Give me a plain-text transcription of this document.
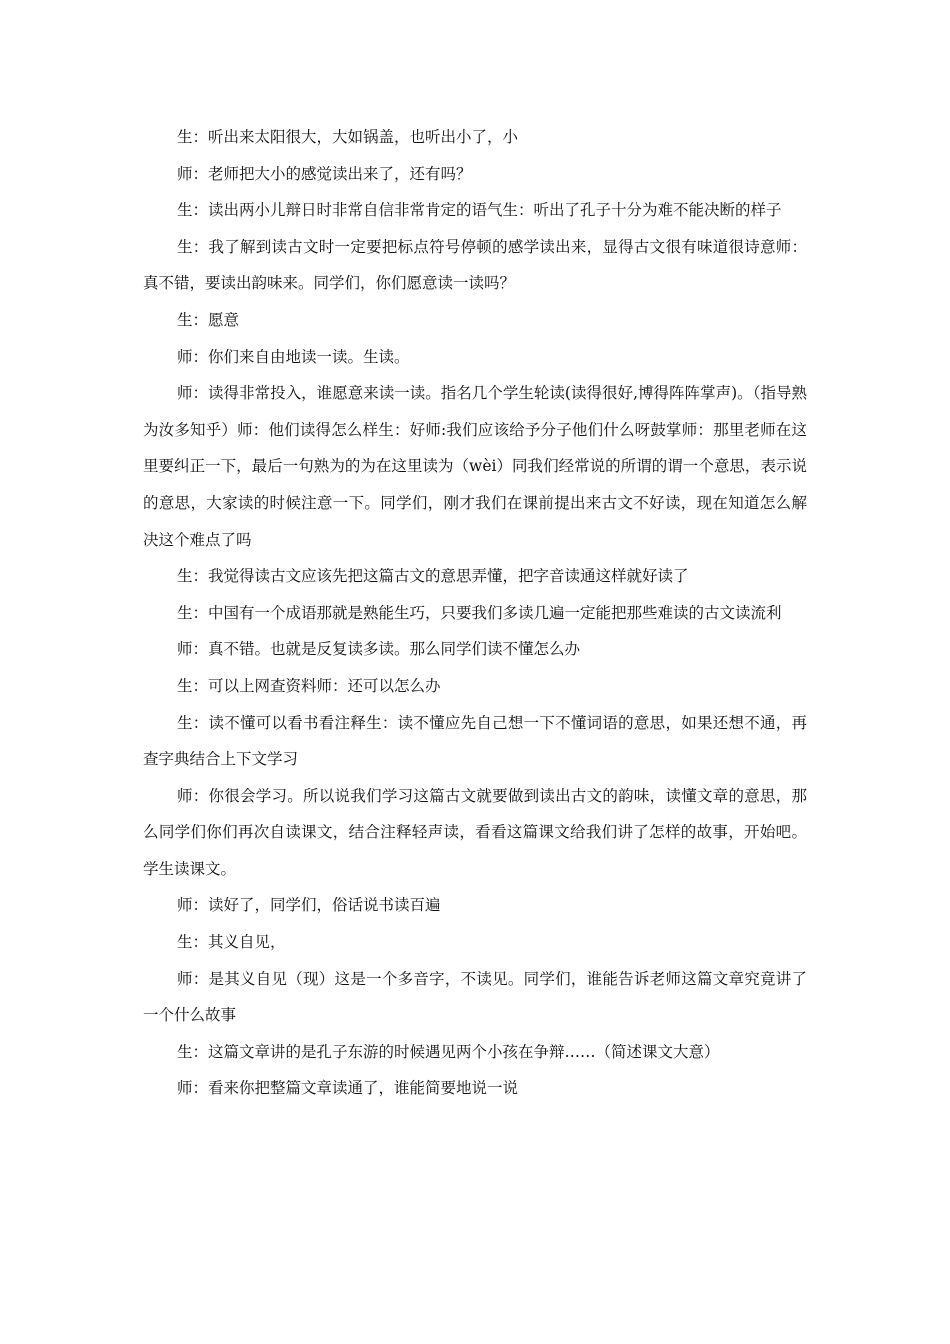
生：听出来太阳很大，大如锅盖，也听出小了，小

师：老师把大小的感觉读出来了，还有吗？

生：读出两小儿辩日时非常自信非常肯定的语气生：听出了孔子十分为难不能决断的样子

生：我了解到读古文时一定要把标点符号停顿的感学读出来，显得古文很有味道很诗意师：真不错，要读出韵味来。同学们，你们愿意读一读吗？

生：愿意

师：你们来自由地读一读。生读。

师：读得非常投入，谁愿意来读一读。指名几个学生轮读(读得很好,博得阵阵掌声)。（指导熟为汝多知乎）师：他们读得怎么样生：好师:我们应该给予分子他们什么呀鼓掌师：那里老师在这里要纠正一下，最后一句熟为的为在这里读为（wèi）同我们经常说的所谓的谓一个意思，表示说的意思，大家读的时候注意一下。同学们，刚才我们在课前提出来古文不好读，现在知道怎么解决这个难点了吗

生：我觉得读古文应该先把这篇古文的意思弄懂，把字音读通这样就好读了

生：中国有一个成语那就是熟能生巧，只要我们多读几遍一定能把那些难读的古文读流利

师：真不错。也就是反复读多读。那么同学们读不懂怎么办

生：可以上网查资料师：还可以怎么办

生：读不懂可以看书看注释生：读不懂应先自己想一下不懂词语的意思，如果还想不通，再查字典结合上下文学习

师：你很会学习。所以说我们学习这篇古文就要做到读出古文的韵味，读懂文章的意思，那么同学们你们再次自读课文，结合注释轻声读，看看这篇课文给我们讲了怎样的故事，开始吧。学生读课文。

师：读好了，同学们，俗话说书读百遍

生：其义自见，

师：是其义自见（现）这是一个多音字，不读见。同学们，谁能告诉老师这篇文章究竟讲了一个什么故事

生：这篇文章讲的是孔子东游的时候遇见两个小孩在争辩……（简述课文大意）

师：看来你把整篇文章读通了，谁能简要地说一说
